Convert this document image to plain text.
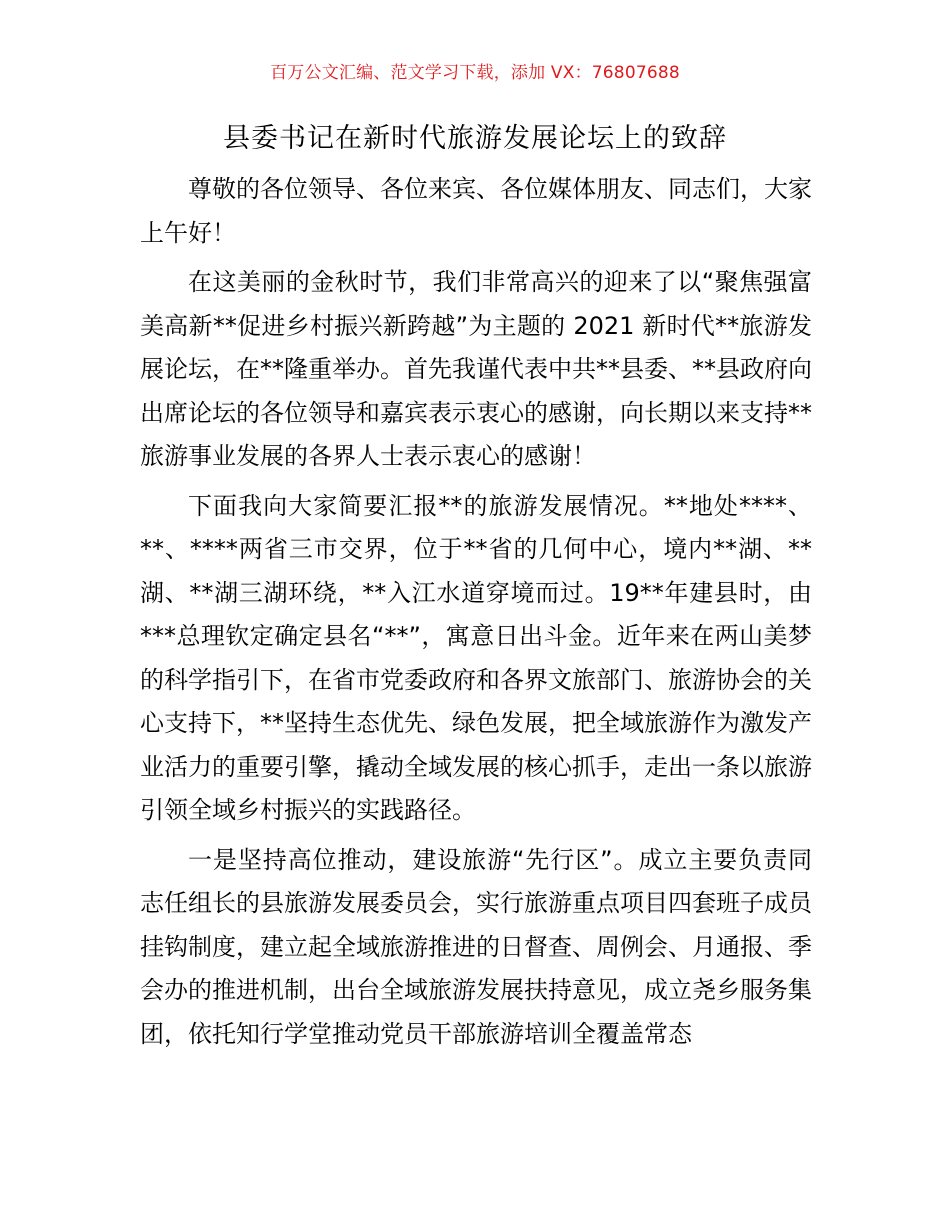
百万公文汇编、范文学习下载，添加 VX：76807688
县委书记在新时代旅游发展论坛上的致辞

尊敬的各位领导、各位来宾、各位媒体朋友、同志们，大家上午好！

在这美丽的金秋时节，我们非常高兴的迎来了以“聚焦强富美高新**促进乡村振兴新跨越”为主题的 2021 新时代**旅游发展论坛，在**隆重举办。首先我谨代表中共**县委、**县政府向出席论坛的各位领导和嘉宾表示衷心的感谢，向长期以来支持**旅游事业发展的各界人士表示衷心的感谢！

下面我向大家简要汇报**的旅游发展情况。**地处****、**、****两省三市交界，位于**省的几何中心，境内**湖、**湖、**湖三湖环绕，**入江水道穿境而过。19**年建县时，由***总理钦定确定县名“**”，寓意日出斗金。近年来在两山美梦的科学指引下，在省市党委政府和各界文旅部门、旅游协会的关心支持下，**坚持生态优先、绿色发展，把全域旅游作为激发产业活力的重要引擎，撬动全域发展的核心抓手，走出一条以旅游引领全域乡村振兴的实践路径。

一是坚持高位推动，建设旅游“先行区”。成立主要负责同志任组长的县旅游发展委员会，实行旅游重点项目四套班子成员挂钩制度，建立起全域旅游推进的日督查、周例会、月通报、季会办的推进机制，出台全域旅游发展扶持意见，成立尧乡服务集团，依托知行学堂推动党员干部旅游培训全覆盖常态
